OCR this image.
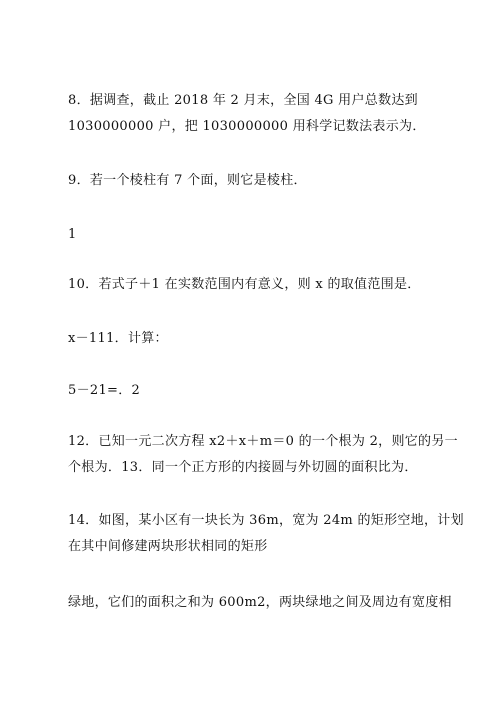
8．据调查，截止 2018 年 2 月末，全国 4G 用户总数达到
1030000000 户，把 1030000000 用科学记数法表示为．
9．若一个棱柱有 7 个面，则它是棱柱．
1
10．若式子＋1 在实数范围内有意义，则 x 的取值范围是．
x－111．计算：
5－21=．2
12．已知一元二次方程 x2＋x＋m＝0 的一个根为 2，则它的另一
个根为．13．同一个正方形的内接圆与外切圆的面积比为．
14．如图，某小区有一块长为 36m，宽为 24m 的矩形空地，计划
在其中间修建两块形状相同的矩形
绿地，它们的面积之和为 600m2，两块绿地之间及周边有宽度相
